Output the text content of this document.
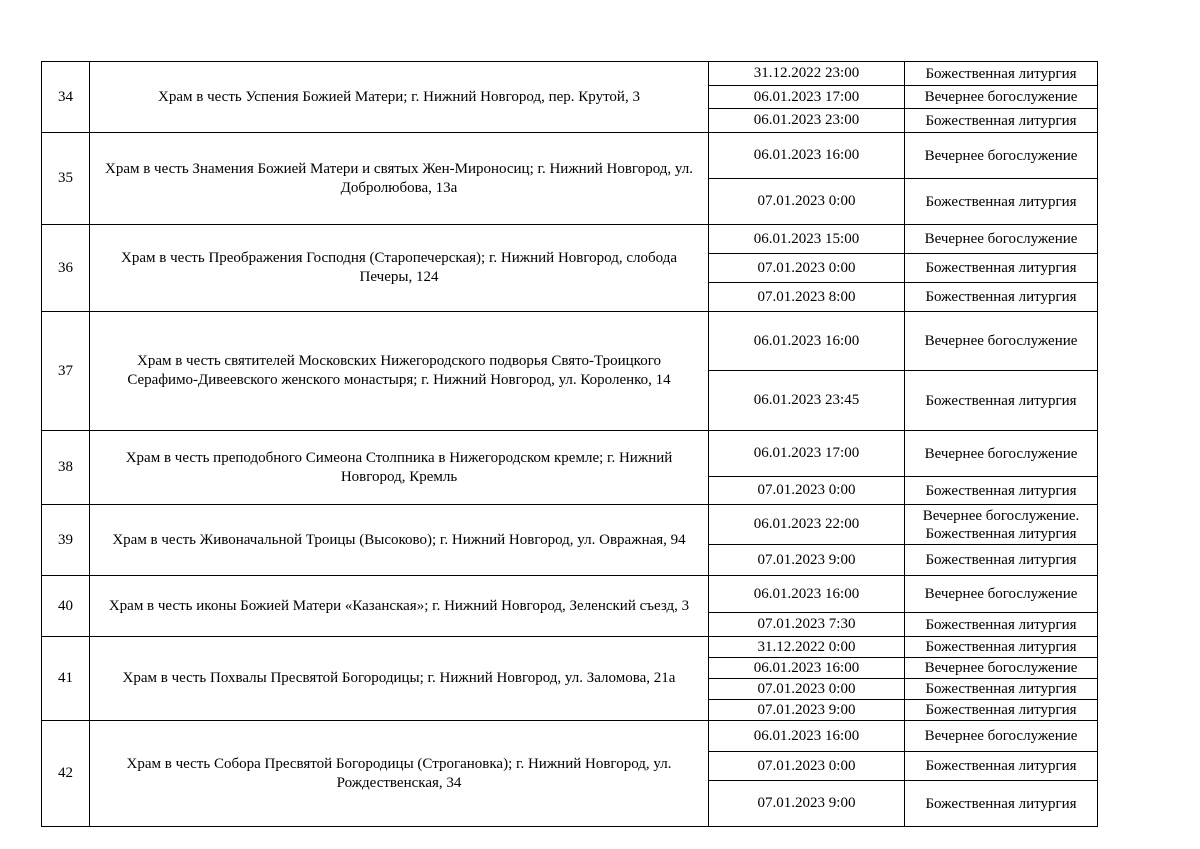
34	Храм в честь Успения Божией Матери; г. Нижний Новгород, пер. Крутой, 3	31.12.2022 23:00	Божественная литургия
		06.01.2023 17:00	Вечернее богослужение
		06.01.2023 23:00	Божественная литургия
35	Храм в честь Знамения Божией Матери и святых Жен-Мироносиц; г. Нижний Новгород, ул. Добролюбова, 13а	06.01.2023 16:00	Вечернее богослужение
		07.01.2023 0:00	Божественная литургия
36	Храм в честь Преображения Господня (Старопечерская); г. Нижний Новгород, слобода Печеры, 124	06.01.2023 15:00	Вечернее богослужение
		07.01.2023 0:00	Божественная литургия
		07.01.2023 8:00	Божественная литургия
37	Храм в честь святителей Московских Нижегородского подворья Свято-Троицкого Серафимо-Дивеевского женского монастыря; г. Нижний Новгород, ул. Короленко, 14	06.01.2023 16:00	Вечернее богослужение
		06.01.2023 23:45	Божественная литургия
38	Храм в честь преподобного Симеона Столпника в Нижегородском кремле; г. Нижний Новгород, Кремль	06.01.2023 17:00	Вечернее богослужение
		07.01.2023 0:00	Божественная литургия
39	Храм в честь Живоначальной Троицы (Высоково); г. Нижний Новгород, ул. Овражная, 94	06.01.2023 22:00	Вечернее богослужение. Божественная литургия
		07.01.2023 9:00	Божественная литургия
40	Храм в честь иконы Божией Матери «Казанская»; г. Нижний Новгород, Зеленский съезд, 3	06.01.2023 16:00	Вечернее богослужение
		07.01.2023 7:30	Божественная литургия
41	Храм в честь Похвалы Пресвятой Богородицы; г. Нижний Новгород, ул. Заломова, 21а	31.12.2022 0:00	Божественная литургия
		06.01.2023 16:00	Вечернее богослужение
		07.01.2023 0:00	Божественная литургия
		07.01.2023 9:00	Божественная литургия
42	Храм в честь Собора Пресвятой Богородицы (Строгановка); г. Нижний Новгород, ул. Рождественская, 34	06.01.2023 16:00	Вечернее богослужение
		07.01.2023 0:00	Божественная литургия
		07.01.2023 9:00	Божественная литургия
